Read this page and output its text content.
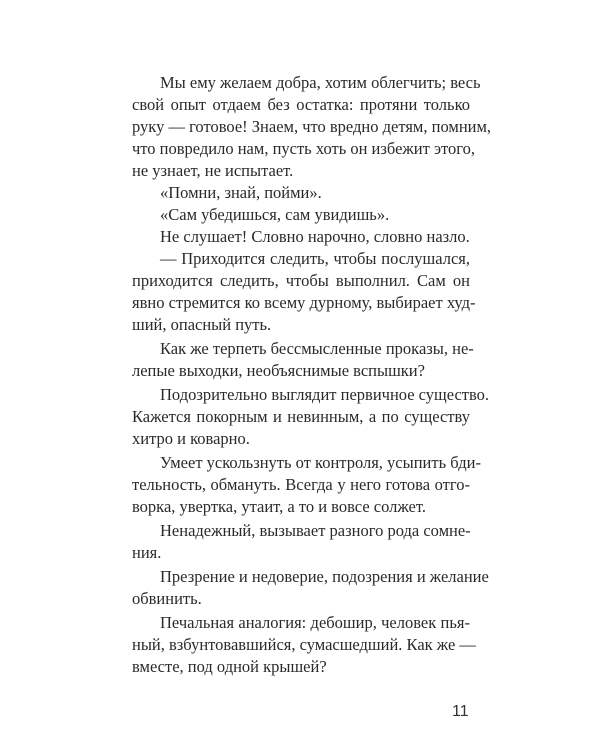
Мы ему желаем добра, хотим облегчить; весь
свой опыт отдаем без остатка: протяни только
руку — готовое! Знаем, что вредно детям, помним,
что повредило нам, пусть хоть он избежит этого,
не узнает, не испытает.
«Помни, знай, пойми».
«Сам убедишься, сам увидишь».
Не слушает! Словно нарочно, словно назло.
— Приходится следить, чтобы послушался,
приходится следить, чтобы выполнил. Сам он
явно стремится ко всему дурному, выбирает худ-
ший, опасный путь.
Как же терпеть бессмысленные проказы, не-
лепые выходки, необъяснимые вспышки?
Подозрительно выглядит первичное существо.
Кажется покорным и невинным, а по существу
хитро и коварно.
Умеет ускользнуть от контроля, усыпить бди-
тельность, обмануть. Всегда у него готова отго-
ворка, увертка, утаит, а то и вовсе солжет.
Ненадежный, вызывает разного рода сомне-
ния.
Презрение и недоверие, подозрения и желание
обвинить.
Печальная аналогия: дебошир, человек пья-
ный, взбунтовавшийся, сумасшедший. Как же —
вместе, под одной крышей?
11
